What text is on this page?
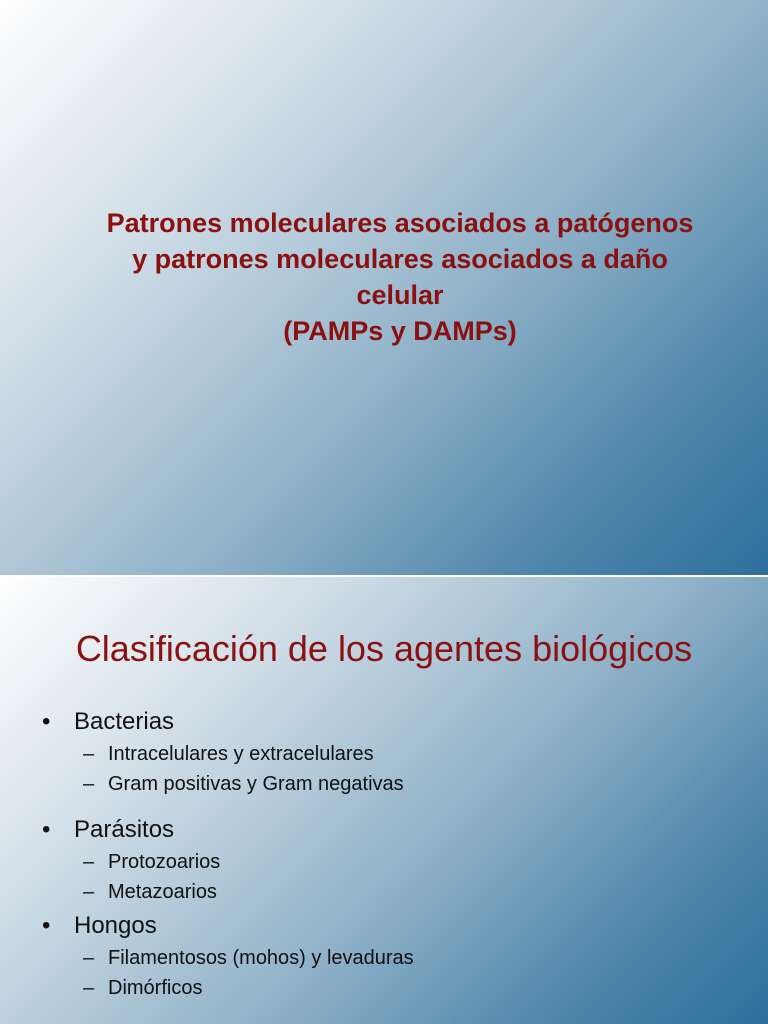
Patrones moleculares asociados a patógenos
y patrones moleculares asociados a daño
celular
(PAMPs y DAMPs)
Clasificación de los agentes biológicos
• Bacterias
– Intracelulares y extracelulares
– Gram positivas y Gram negativas
• Parásitos
– Protozoarios
– Metazoarios
• Hongos
– Filamentosos (mohos) y levaduras
– Dimórficos
